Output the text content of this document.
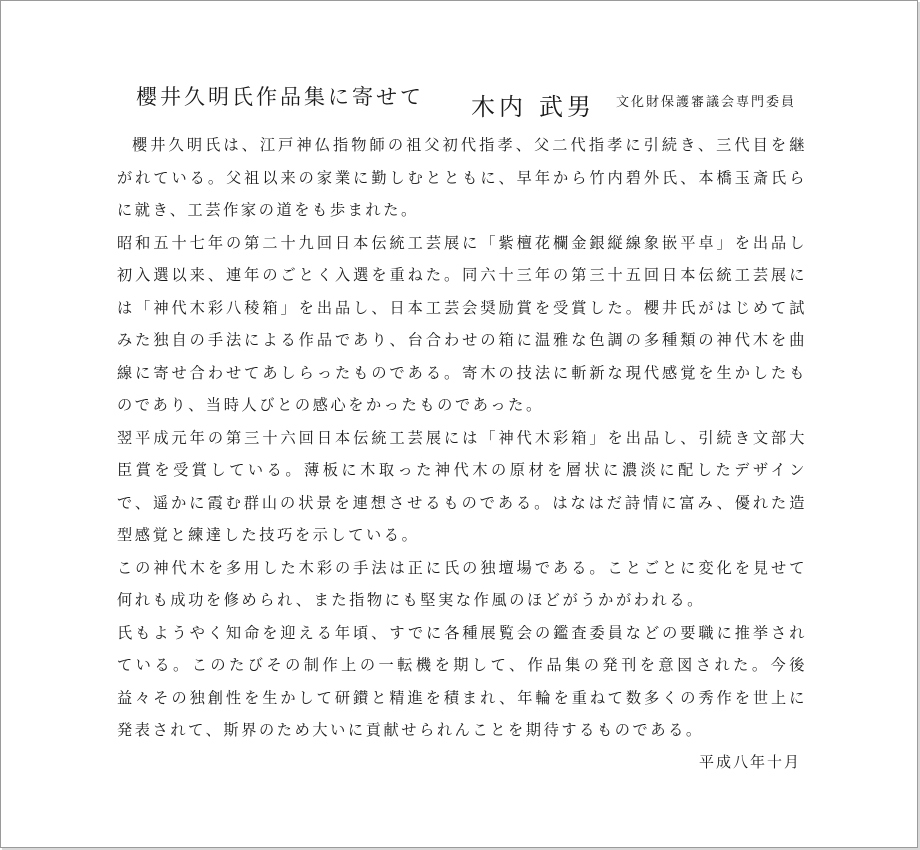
櫻井久明氏作品集に寄せて 木内 武男 文化財保護審議会専門委員

櫻井久明氏は、江戸神仏指物師の祖父初代指孝、父二代指孝に引続き、三代目を継がれている。父祖以来の家業に勤しむとともに、早年から竹内碧外氏、本橋玉斎氏らに就き、工芸作家の道をも歩まれた。

昭和五十七年の第二十九回日本伝統工芸展に「紫檀花欄金銀縦線象嵌平卓」を出品し初入選以来、連年のごとく入選を重ねた。同六十三年の第三十五回日本伝統工芸展には「神代木彩八稜箱」を出品し、日本工芸会奨励賞を受賞した。櫻井氏がはじめて試みた独自の手法による作品であり、台合わせの箱に温雅な色調の多種類の神代木を曲線に寄せ合わせてあしらったものである。寄木の技法に斬新な現代感覚を生かしたものであり、当時人びとの感心をかったものであった。

翌平成元年の第三十六回日本伝統工芸展には「神代木彩箱」を出品し、引続き文部大臣賞を受賞している。薄板に木取った神代木の原材を層状に濃淡に配したデザインで、遥かに霞む群山の状景を連想させるものである。はなはだ詩情に富み、優れた造型感覚と練達した技巧を示している。

この神代木を多用した木彩の手法は正に氏の独壇場である。ことごとに変化を見せて何れも成功を修められ、また指物にも堅実な作風のほどがうかがわれる。

氏もようやく知命を迎える年頃、すでに各種展覧会の鑑査委員などの要職に推挙されている。このたびその制作上の一転機を期して、作品集の発刊を意図された。今後益々その独創性を生かして研鑚と精進を積まれ、年輪を重ねて数多くの秀作を世上に発表されて、斯界のため大いに貢献せられんことを期待するものである。

平成八年十月
